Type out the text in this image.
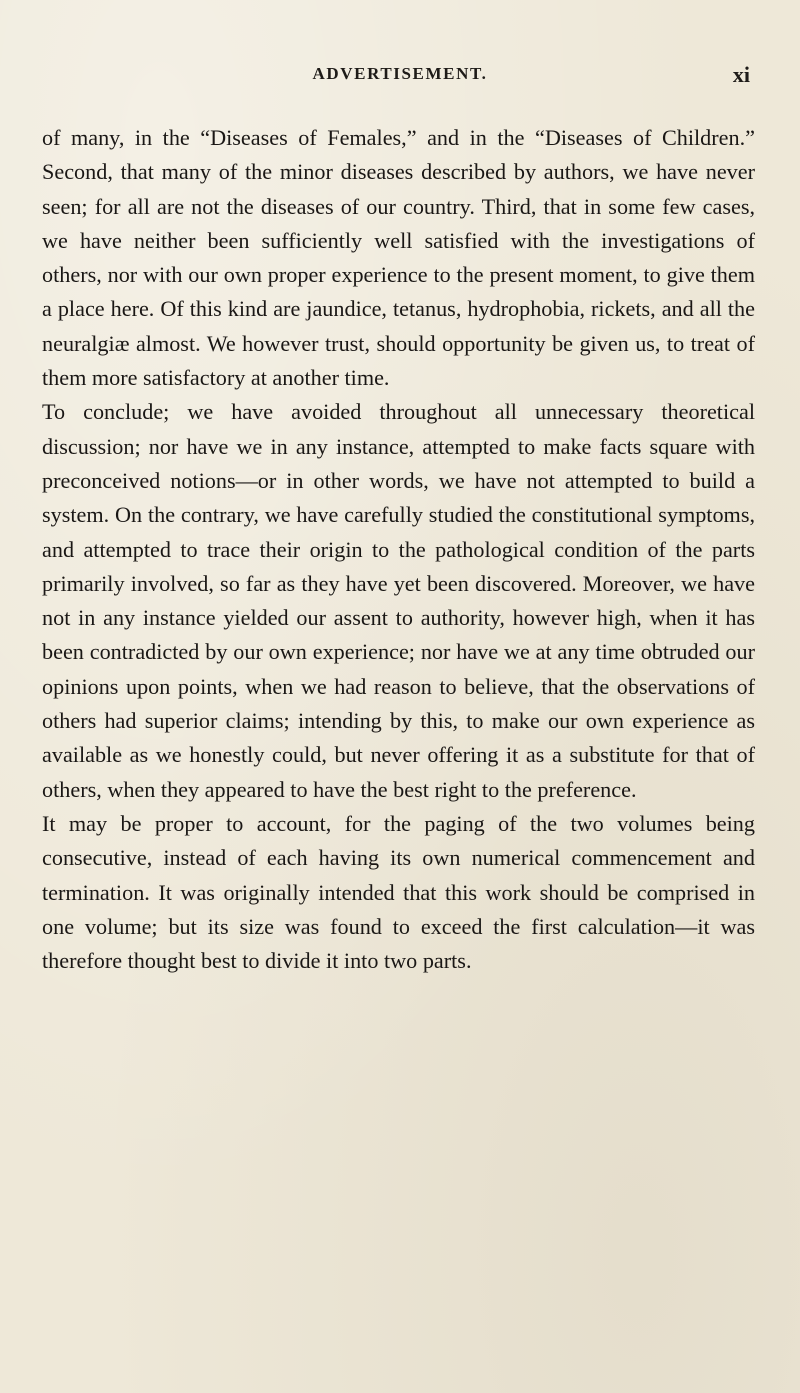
ADVERTISEMENT.	xi

of many, in the “Diseases of Females,” and in the “Diseases of Children.” Second, that many of the minor diseases described by authors, we have never seen; for all are not the diseases of our country. Third, that in some few cases, we have neither been sufficiently well satisfied with the investigations of others, nor with our own proper experience to the present moment, to give them a place here. Of this kind are jaundice, tetanus, hydrophobia, rickets, and all the neuralgiæ almost. We however trust, should opportunity be given us, to treat of them more satisfactory at another time.

To conclude; we have avoided throughout all unnecessary theoretical discussion; nor have we in any instance, attempted to make facts square with preconceived notions—or in other words, we have not attempted to build a system. On the contrary, we have carefully studied the constitutional symptoms, and attempted to trace their origin to the pathological condition of the parts primarily involved, so far as they have yet been discovered. Moreover, we have not in any instance yielded our assent to authority, however high, when it has been contradicted by our own experience; nor have we at any time obtruded our opinions upon points, when we had reason to believe, that the observations of others had superior claims; intending by this, to make our own experience as available as we honestly could, but never offering it as a substitute for that of others, when they appeared to have the best right to the preference.

It may be proper to account, for the paging of the two volumes being consecutive, instead of each having its own numerical commencement and termination. It was originally intended that this work should be comprised in one volume; but its size was found to exceed the first calculation—it was therefore thought best to divide it into two parts.
